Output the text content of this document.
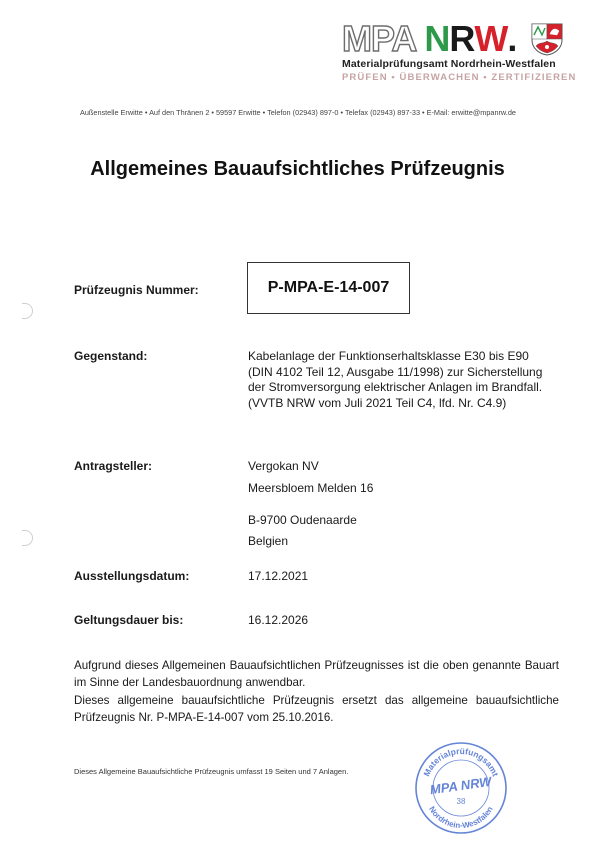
MPA N R W .
Materialprüfungsamt Nordrhein-Westfalen
PRÜFEN • ÜBERWACHEN • ZERTIFIZIEREN
Außenstelle Erwitte • Auf den Thränen 2 • 59597 Erwitte • Telefon (02943) 897-0 • Telefax (02943) 897-33 • E-Mail: erwitte@mpanrw.de
Allgemeines Bauaufsichtliches Prüfzeugnis
Prüfzeugnis Nummer:	P-MPA-E-14-007
Gegenstand:	Kabelanlage der Funktionserhaltsklasse E30 bis E90
(DIN 4102 Teil 12, Ausgabe 11/1998) zur Sicherstellung
der Stromversorgung elektrischer Anlagen im Brandfall.
(VVTB NRW vom Juli 2021 Teil C4, lfd. Nr. C4.9)
Antragsteller:	Vergokan NV
Meersbloem Melden 16
B-9700 Oudenaarde
Belgien
Ausstellungsdatum:	17.12.2021
Geltungsdauer bis:	16.12.2026
Aufgrund dieses Allgemeinen Bauaufsichtlichen Prüfzeugnisses ist die oben genannte Bauart im Sinne der Landesbauordnung anwendbar.
Dieses allgemeine bauaufsichtliche Prüfzeugnis ersetzt das allgemeine bauaufsichtliche Prüfzeugnis Nr. P-MPA-E-14-007 vom 25.10.2016.
Dieses Allgemeine Bauaufsichtliche Prüfzeugnis umfasst 19 Seiten und 7 Anlagen.	Materialprüfungsamt
Nordrhein-Westfalen
MPA NRW
38
